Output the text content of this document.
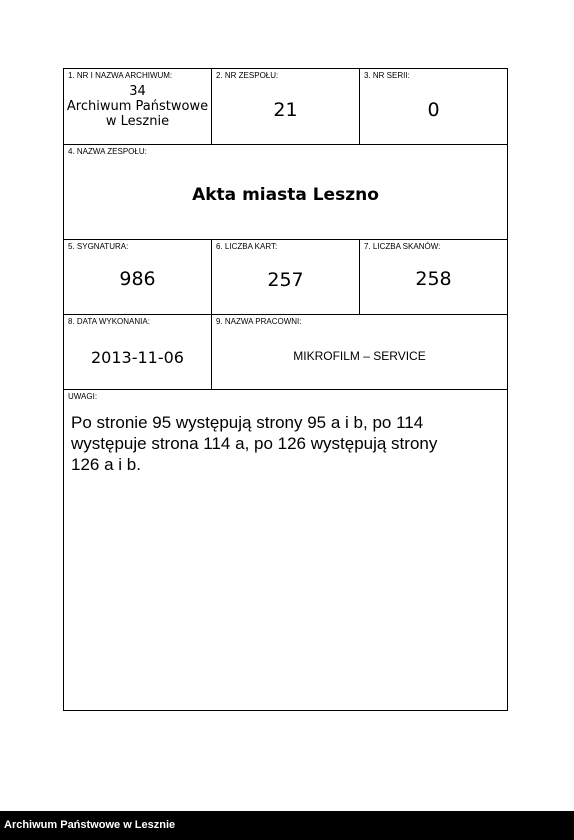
1. NR I NAZWA ARCHIWUM:
34
Archiwum Państwowe
w Lesznie
2. NR ZESPOŁU:
21
3. NR SERII:
0
4. NAZWA ZESPOŁU:
Akta miasta Leszno
5. SYGNATURA:
986
6. LICZBA KART:
257
7. LICZBA SKANÓW:
258
8. DATA WYKONANIA:
2013-11-06
9. NAZWA PRACOWNI:
MIKROFILM – SERVICE
UWAGI:
Po stronie 95 występują strony 95 a i b, po 114
występuje strona 114 a, po 126 występują strony
126 a i b.
Archiwum Państwowe w Lesznie
